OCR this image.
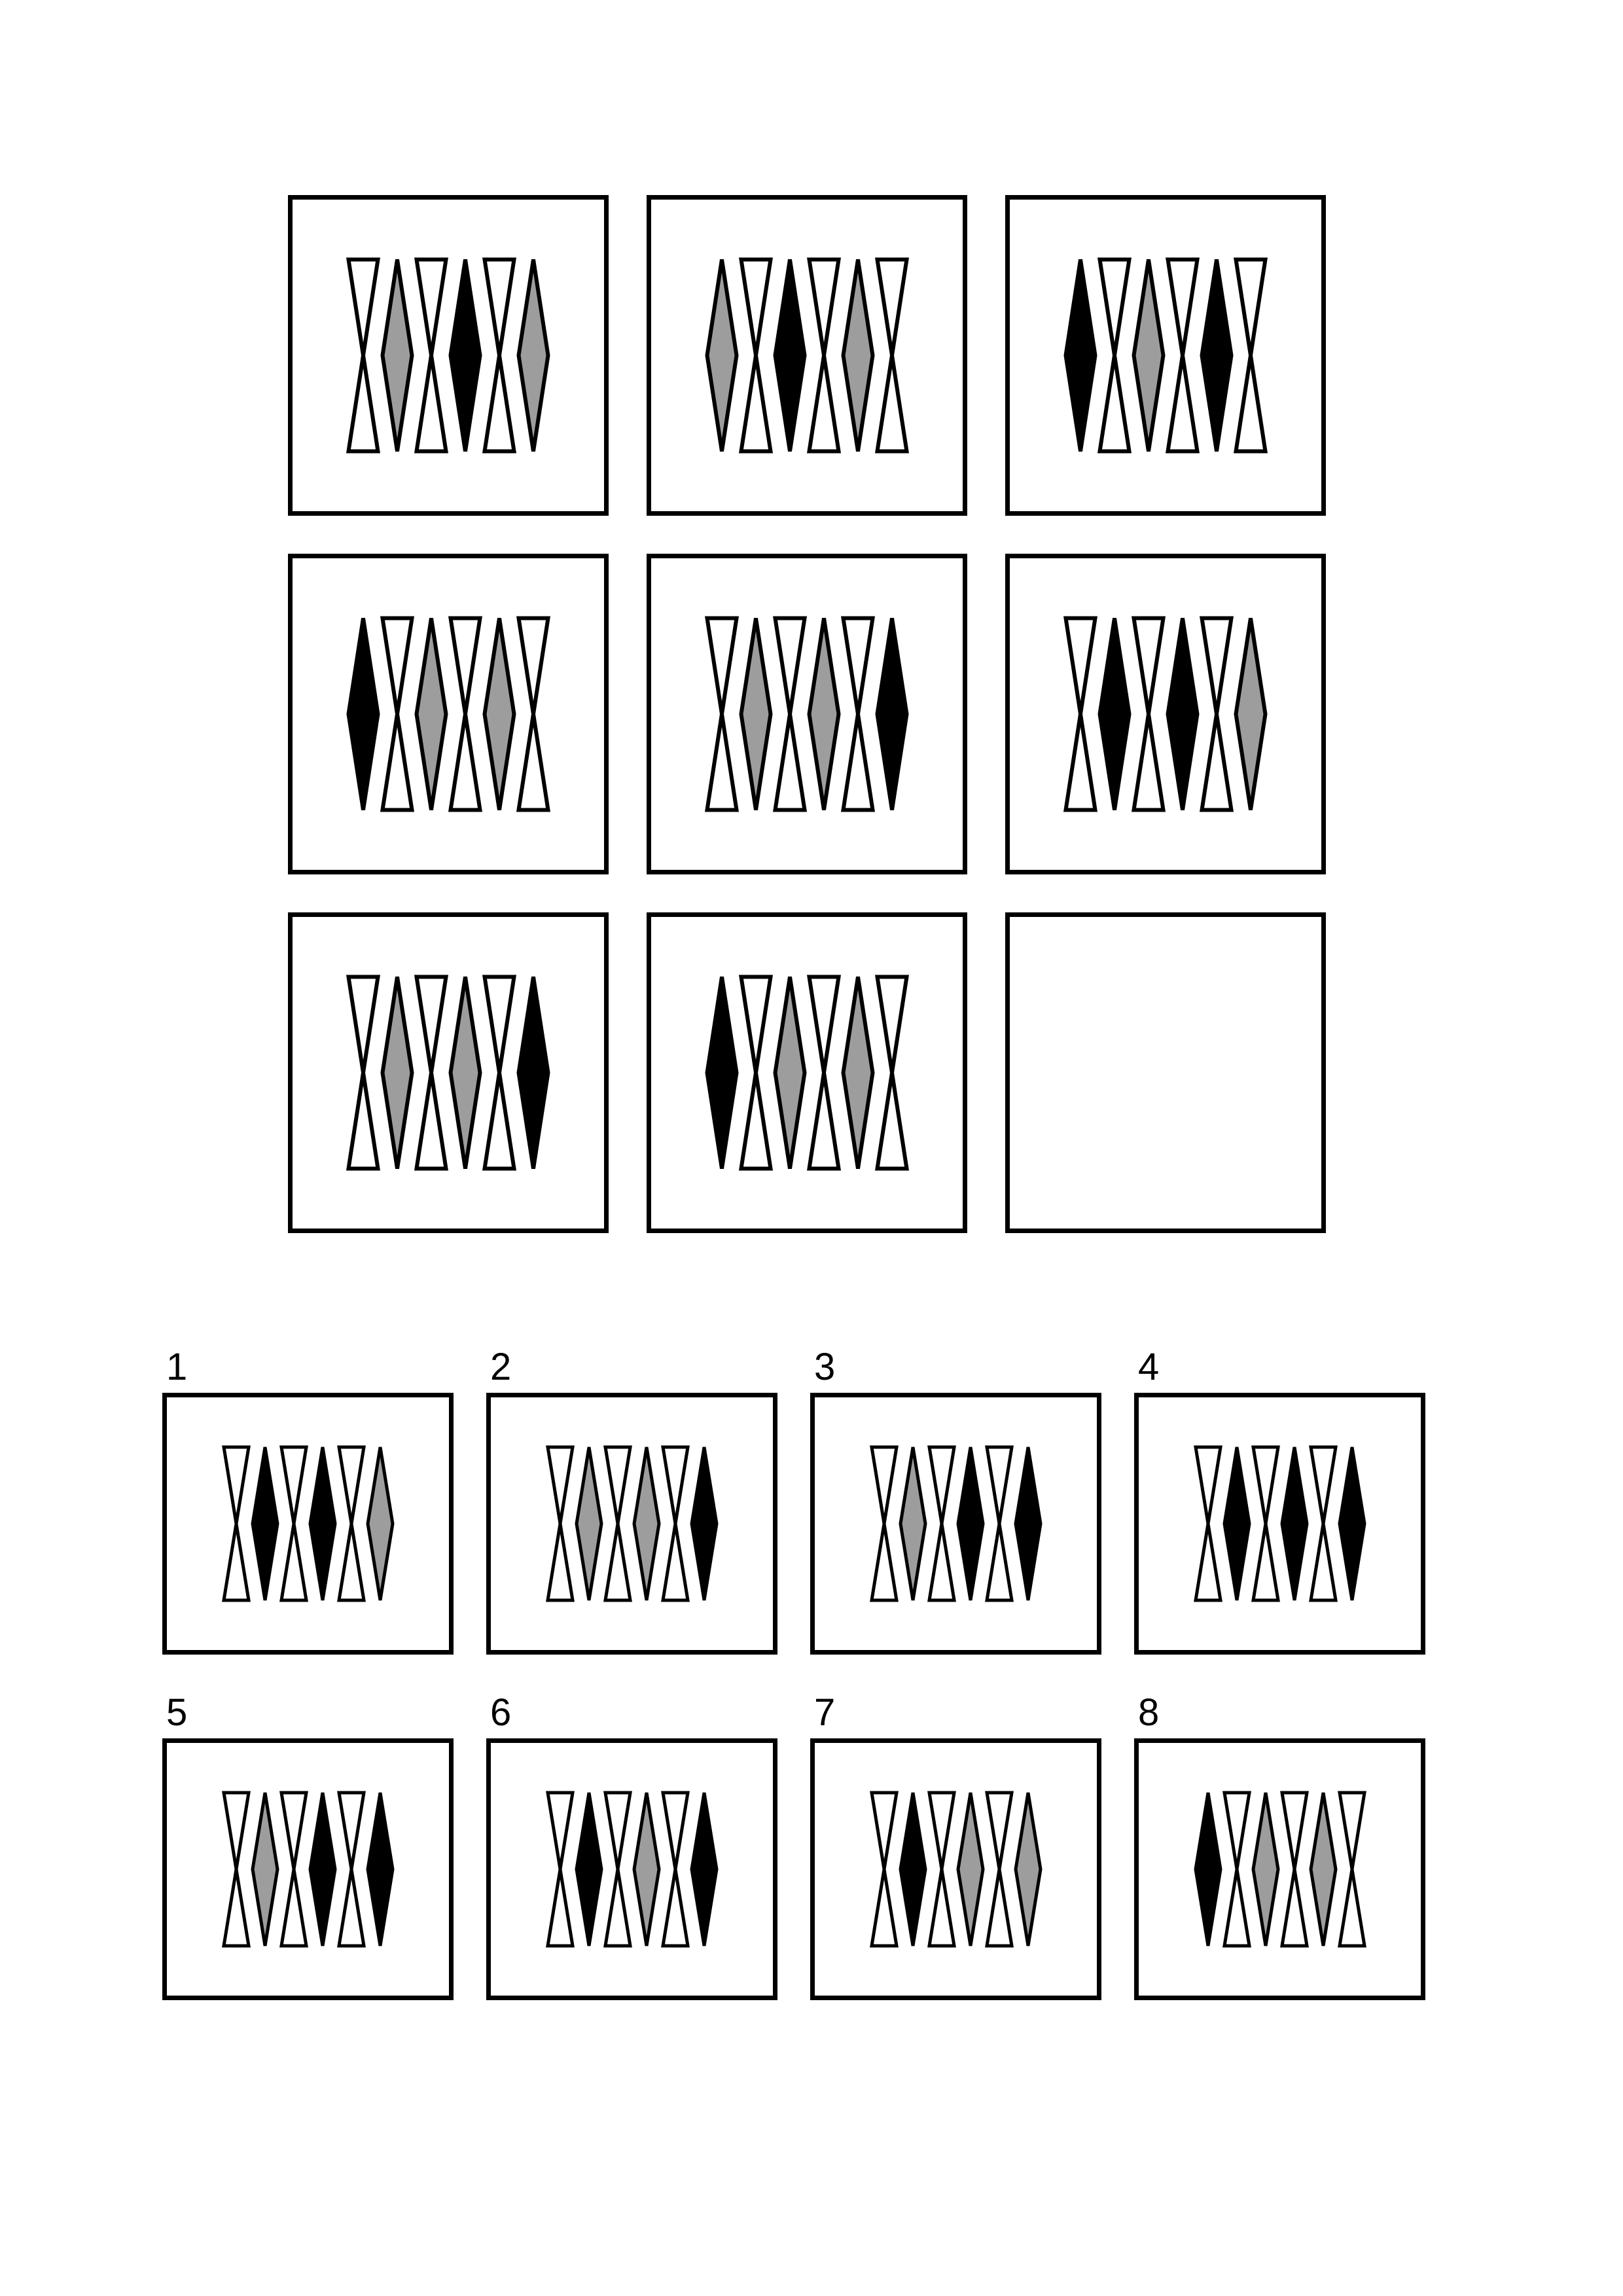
1	2	3	4
5	6	7	8
